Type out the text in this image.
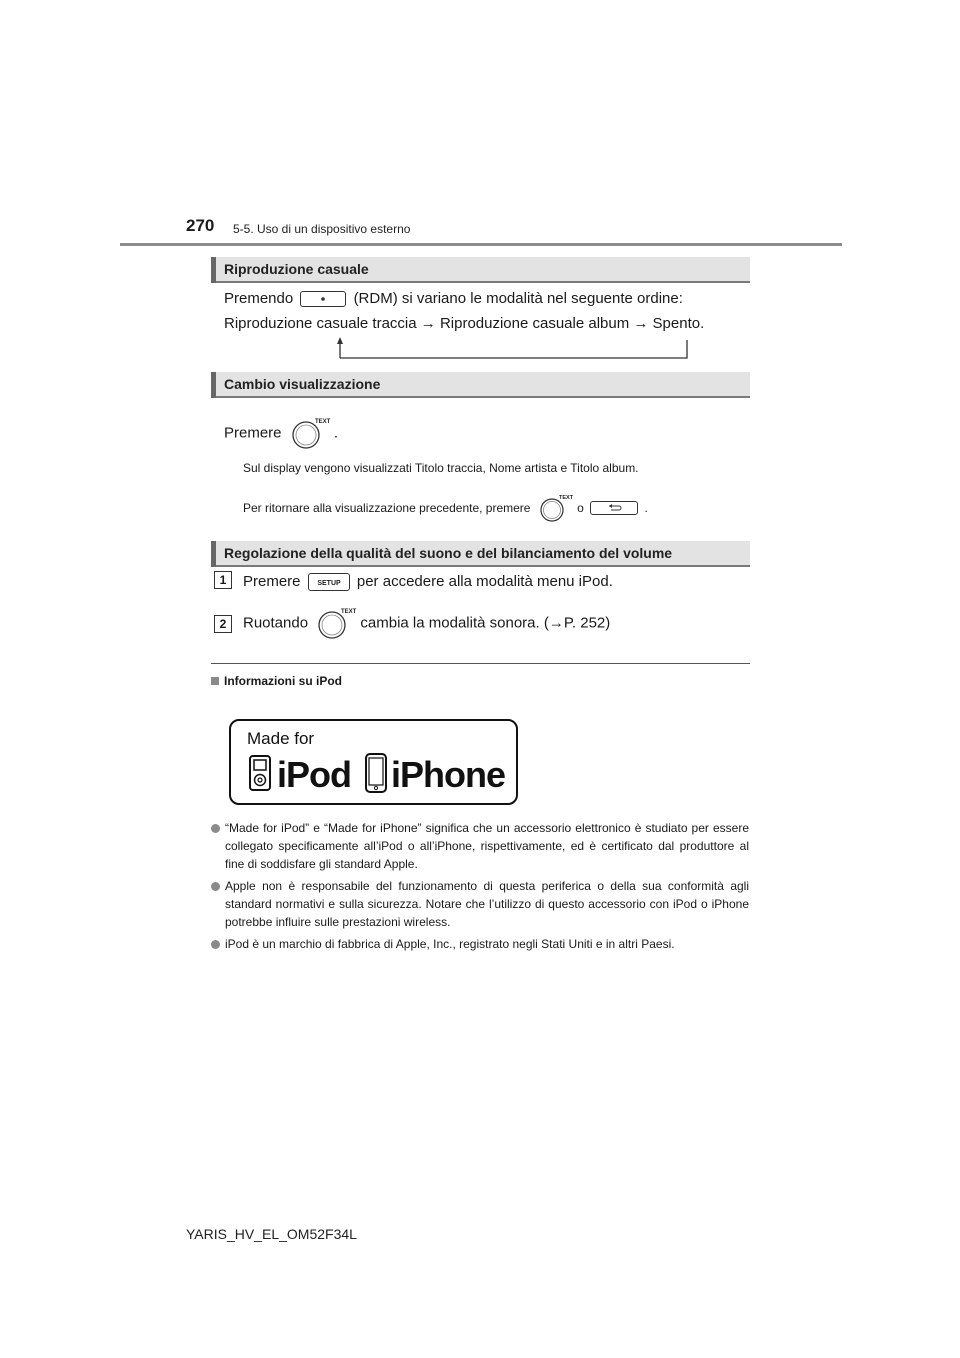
270 5-5. Uso di un dispositivo esterno
Riproduzione casuale
Premendo	(RDM) si variano le modalità nel seguente ordine:
Riproduzione casuale traccia → Riproduzione casuale album → Spento.
Cambio visualizzazione
Premere
TEXT
.
Sul display vengono visualizzati Titolo traccia, Nome artista e Titolo album.
Per ritornare alla visualizzazione precedente, premere
TEXT
o	.
Regolazione della qualità del suono e del bilanciamento del volume
1	Premere SETUP per accedere alla modalità menu iPod.
2	Ruotando
TEXT
cambia la modalità sonora. (→P. 252)
Informazioni su iPod
Made for
iPod iPhone
“Made for iPod” e “Made for iPhone” significa che un accessorio elettronico è studiato per essere collegato specificamente all’iPod o all’iPhone, rispettivamente, ed è certificato dal produttore al fine di soddisfare gli standard Apple.
Apple non è responsabile del funzionamento di questa periferica o della sua conformità agli standard normativi e sulla sicurezza. Notare che l’utilizzo di questo accessorio con iPod o iPhone potrebbe influire sulle prestazioni wireless.
iPod è un marchio di fabbrica di Apple, Inc., registrato negli Stati Uniti e in altri Paesi.
YARIS_HV_EL_OM52F34L
